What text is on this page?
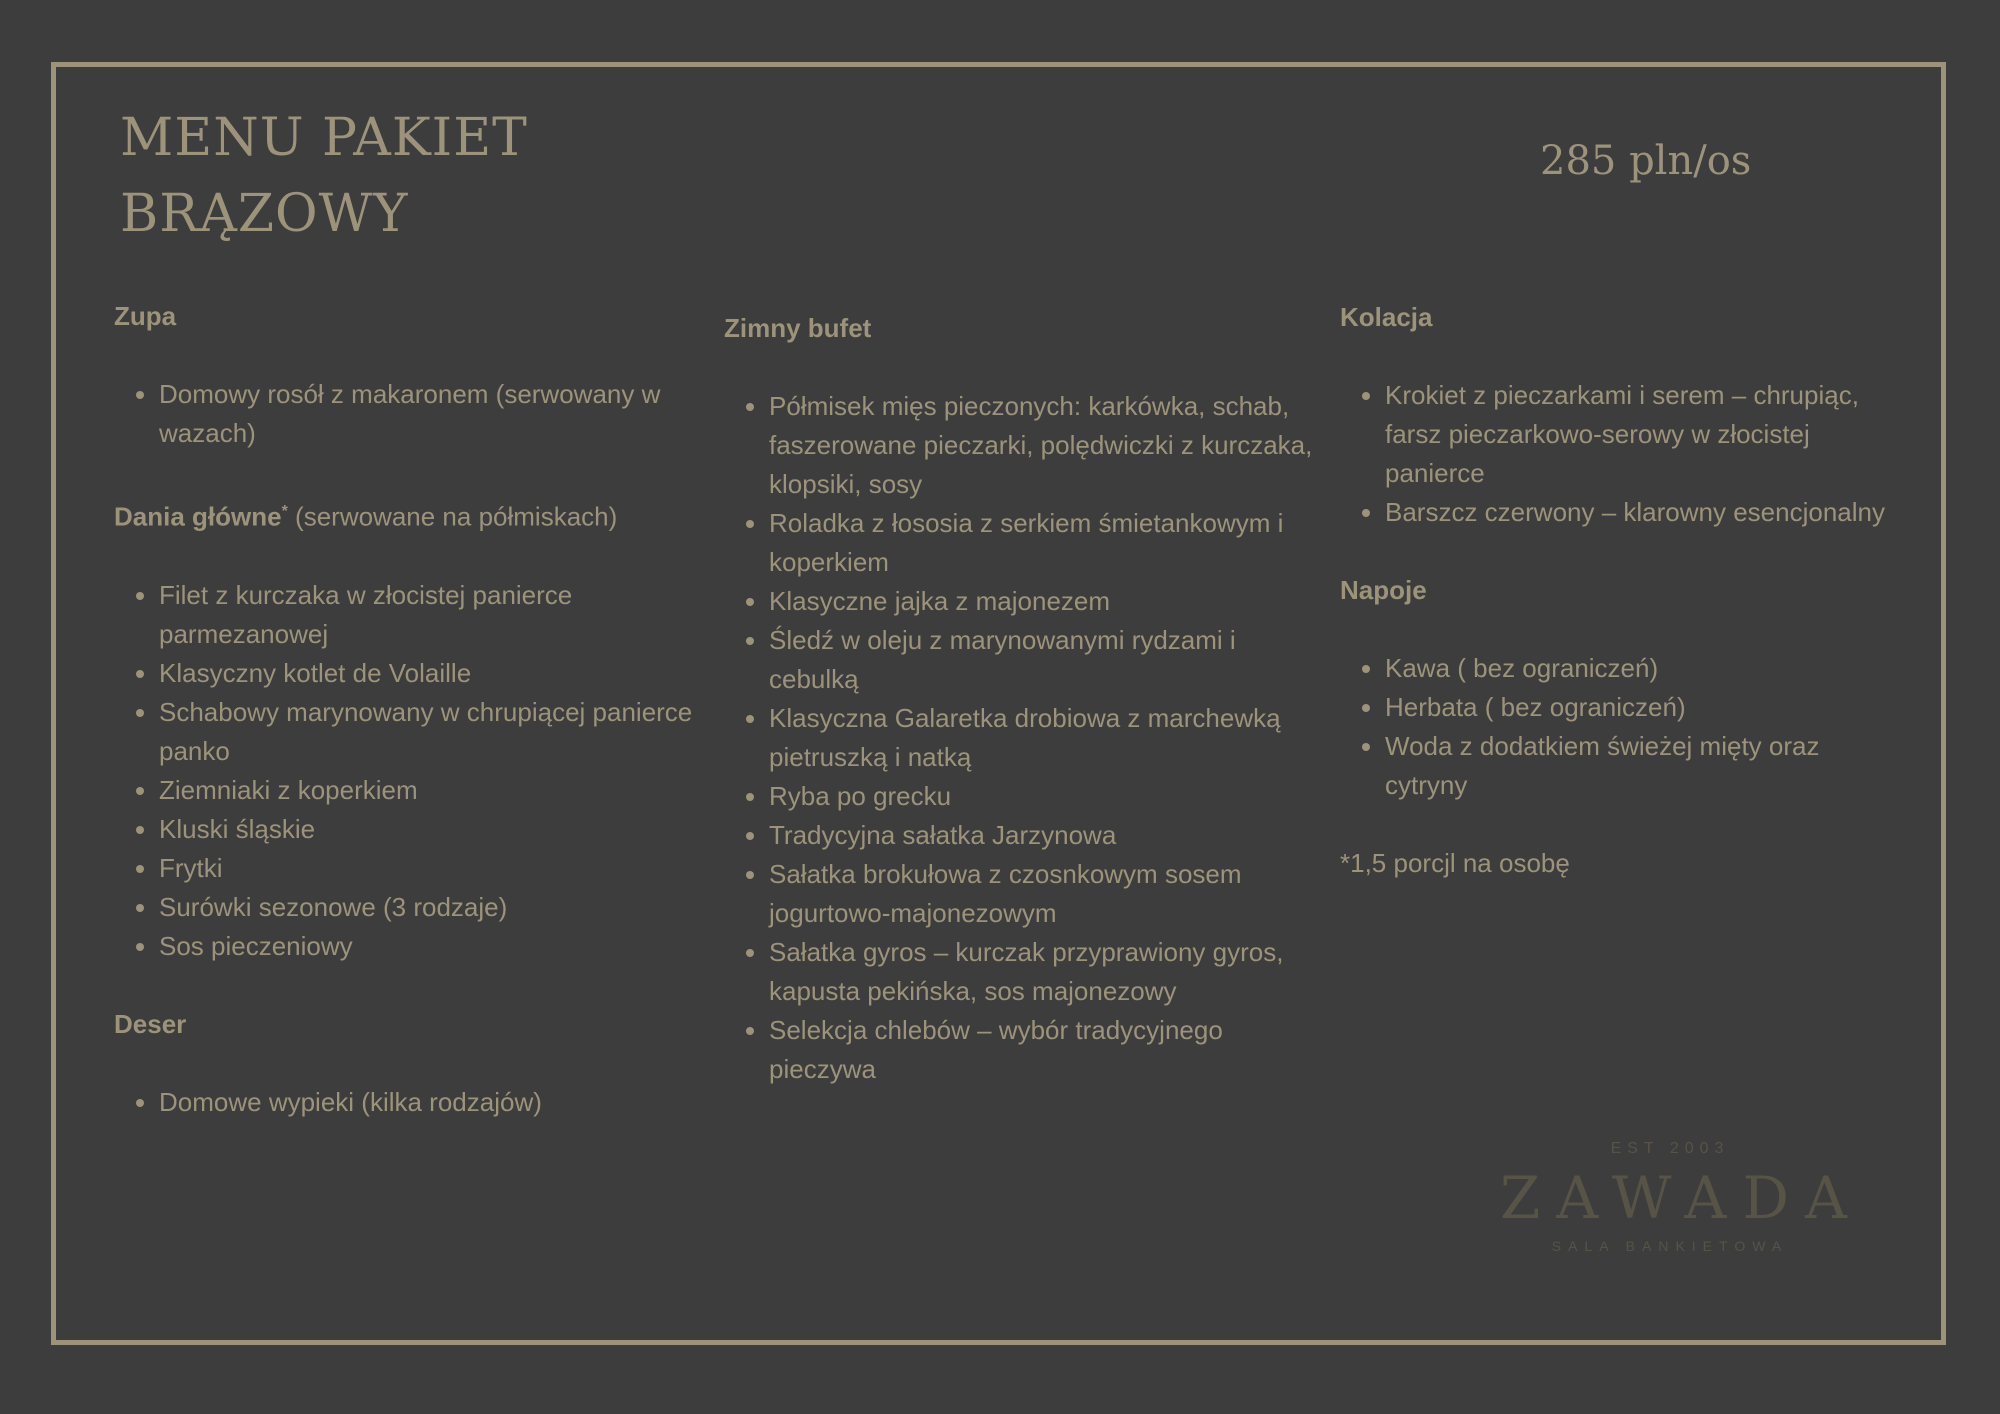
MENU PAKIET
BRĄZOWY
285 pln/os
Zupa
• Domowy rosół z makaronem (serwowany w wazach)
Dania główne* (serwowane na półmiskach)
• Filet z kurczaka w złocistej panierce parmezanowej
• Klasyczny kotlet de Volaille
• Schabowy marynowany w chrupiącej panierce panko
• Ziemniaki z koperkiem
• Kluski śląskie
• Frytki
• Surówki sezonowe (3 rodzaje)
• Sos pieczeniowy
Deser
• Domowe wypieki (kilka rodzajów)
Zimny bufet
• Półmisek mięs pieczonych: karkówka, schab, faszerowane pieczarki, polędwiczki z kurczaka, klopsiki, sosy
• Roladka z łososia z serkiem śmietankowym i koperkiem
• Klasyczne jajka z majonezem
• Śledź w oleju z marynowanymi rydzami i cebulką
• Klasyczna Galaretka drobiowa z marchewką pietruszką i natką
• Ryba po grecku
• Tradycyjna sałatka Jarzynowa
• Sałatka brokułowa z czosnkowym sosem jogurtowo-majonezowym
• Sałatka gyros – kurczak przyprawiony gyros, kapusta pekińska, sos majonezowy
• Selekcja chlebów – wybór tradycyjnego pieczywa
Kolacja
• Krokiet z pieczarkami i serem – chrupiąc, farsz pieczarkowo-serowy w złocistej panierce
• Barszcz czerwony – klarowny esencjonalny
Napoje
• Kawa ( bez ograniczeń)
• Herbata ( bez ograniczeń)
• Woda z dodatkiem świeżej mięty oraz cytryny
*1,5 porcjl na osobę
EST 2003
ZAWADA
SALA BANKIETOWA
